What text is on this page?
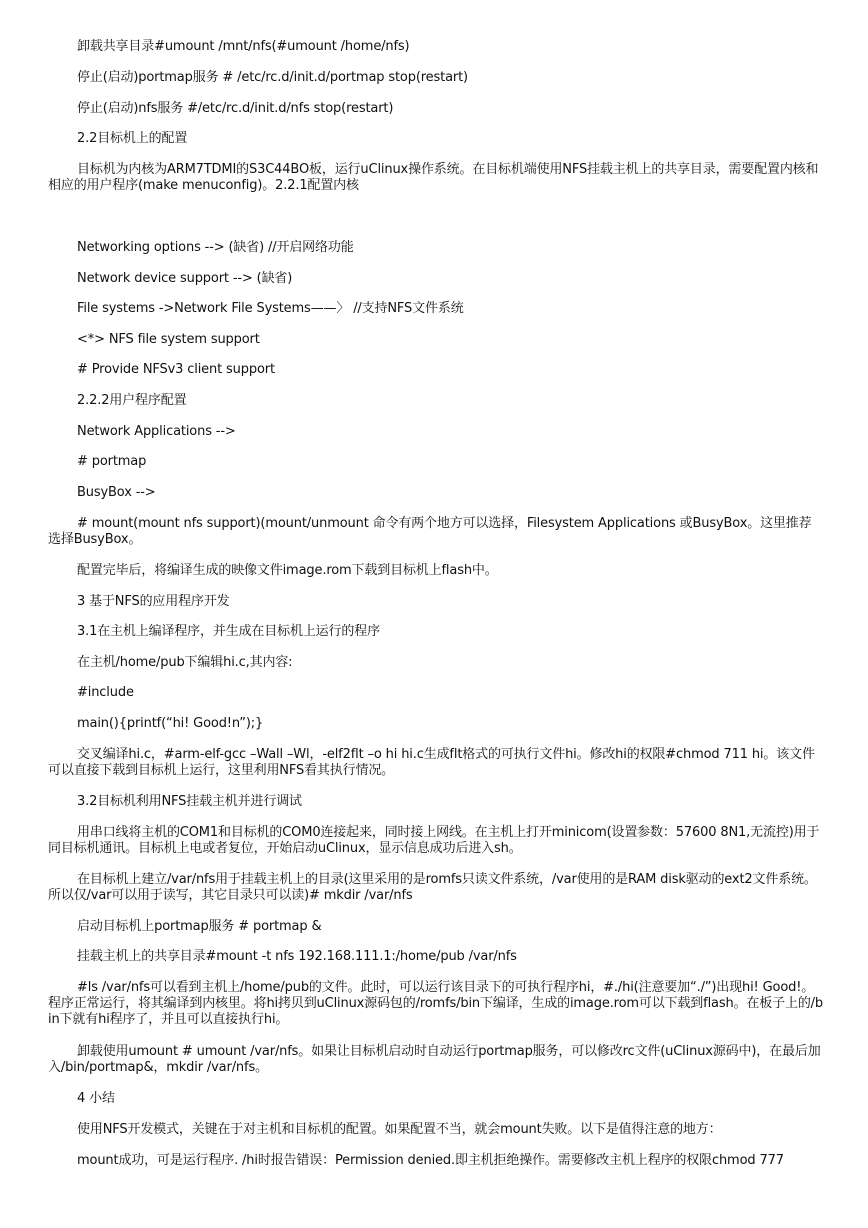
卸载共享目录#umount /mnt/nfs(#umount /home/nfs)

停止(启动)portmap服务 # /etc/rc.d/init.d/portmap stop(restart)

停止(启动)nfs服务 #/etc/rc.d/init.d/nfs stop(restart)

2.2目标机上的配置

目标机为内核为ARM7TDMI的S3C44BO板，运行uClinux操作系统。在目标机端使用NFS挂载主机上的共享目录，需要配置内核和相应的用户程序(make menuconfig)。2.2.1配置内核

Networking options --> (缺省) //开启网络功能

Network device support --> (缺省)

File systems ->Network File Systems——〉 //支持NFS文件系统

<*> NFS file system support

# Provide NFSv3 client support

2.2.2用户程序配置

Network Applications -->

# portmap

BusyBox -->

# mount(mount nfs support)(mount/unmount 命令有两个地方可以选择，Filesystem Applications 或BusyBox。这里推荐选择BusyBox。

配置完毕后，将编译生成的映像文件image.rom下载到目标机上flash中。

3 基于NFS的应用程序开发

3.1在主机上编译程序，并生成在目标机上运行的程序

在主机/home/pub下编辑hi.c,其内容:

#include

main(){printf(“hi! Good!n”);}

交叉编译hi.c，#arm-elf-gcc –Wall –Wl，-elf2flt –o hi hi.c生成flt格式的可执行文件hi。修改hi的权限#chmod 711 hi。该文件可以直接下载到目标机上运行，这里利用NFS看其执行情况。

3.2目标机利用NFS挂载主机并进行调试

用串口线将主机的COM1和目标机的COM0连接起来，同时接上网线。在主机上打开minicom(设置参数：57600 8N1,无流控)用于同目标机通讯。目标机上电或者复位，开始启动uClinux，显示信息成功后进入sh。

在目标机上建立/var/nfs用于挂载主机上的目录(这里采用的是romfs只读文件系统，/var使用的是RAM disk驱动的ext2文件系统。所以仅/var可以用于读写，其它目录只可以读)# mkdir /var/nfs

启动目标机上portmap服务 # portmap &

挂载主机上的共享目录#mount -t nfs 192.168.111.1:/home/pub /var/nfs

#ls /var/nfs可以看到主机上/home/pub的文件。此时，可以运行该目录下的可执行程序hi，#./hi(注意要加“./”)出现hi! Good!。程序正常运行，将其编译到内核里。将hi拷贝到uClinux源码包的/romfs/bin下编译，生成的image.rom可以下载到flash。在板子上的/bin下就有hi程序了，并且可以直接执行hi。

卸载使用umount # umount /var/nfs。如果让目标机启动时自动运行portmap服务，可以修改rc文件(uClinux源码中)，在最后加入/bin/portmap&，mkdir /var/nfs。

4 小结

使用NFS开发模式，关键在于对主机和目标机的配置。如果配置不当，就会mount失败。以下是值得注意的地方：

mount成功，可是运行程序. /hi时报告错误：Permission denied.即主机拒绝操作。需要修改主机上程序的权限chmod 777
